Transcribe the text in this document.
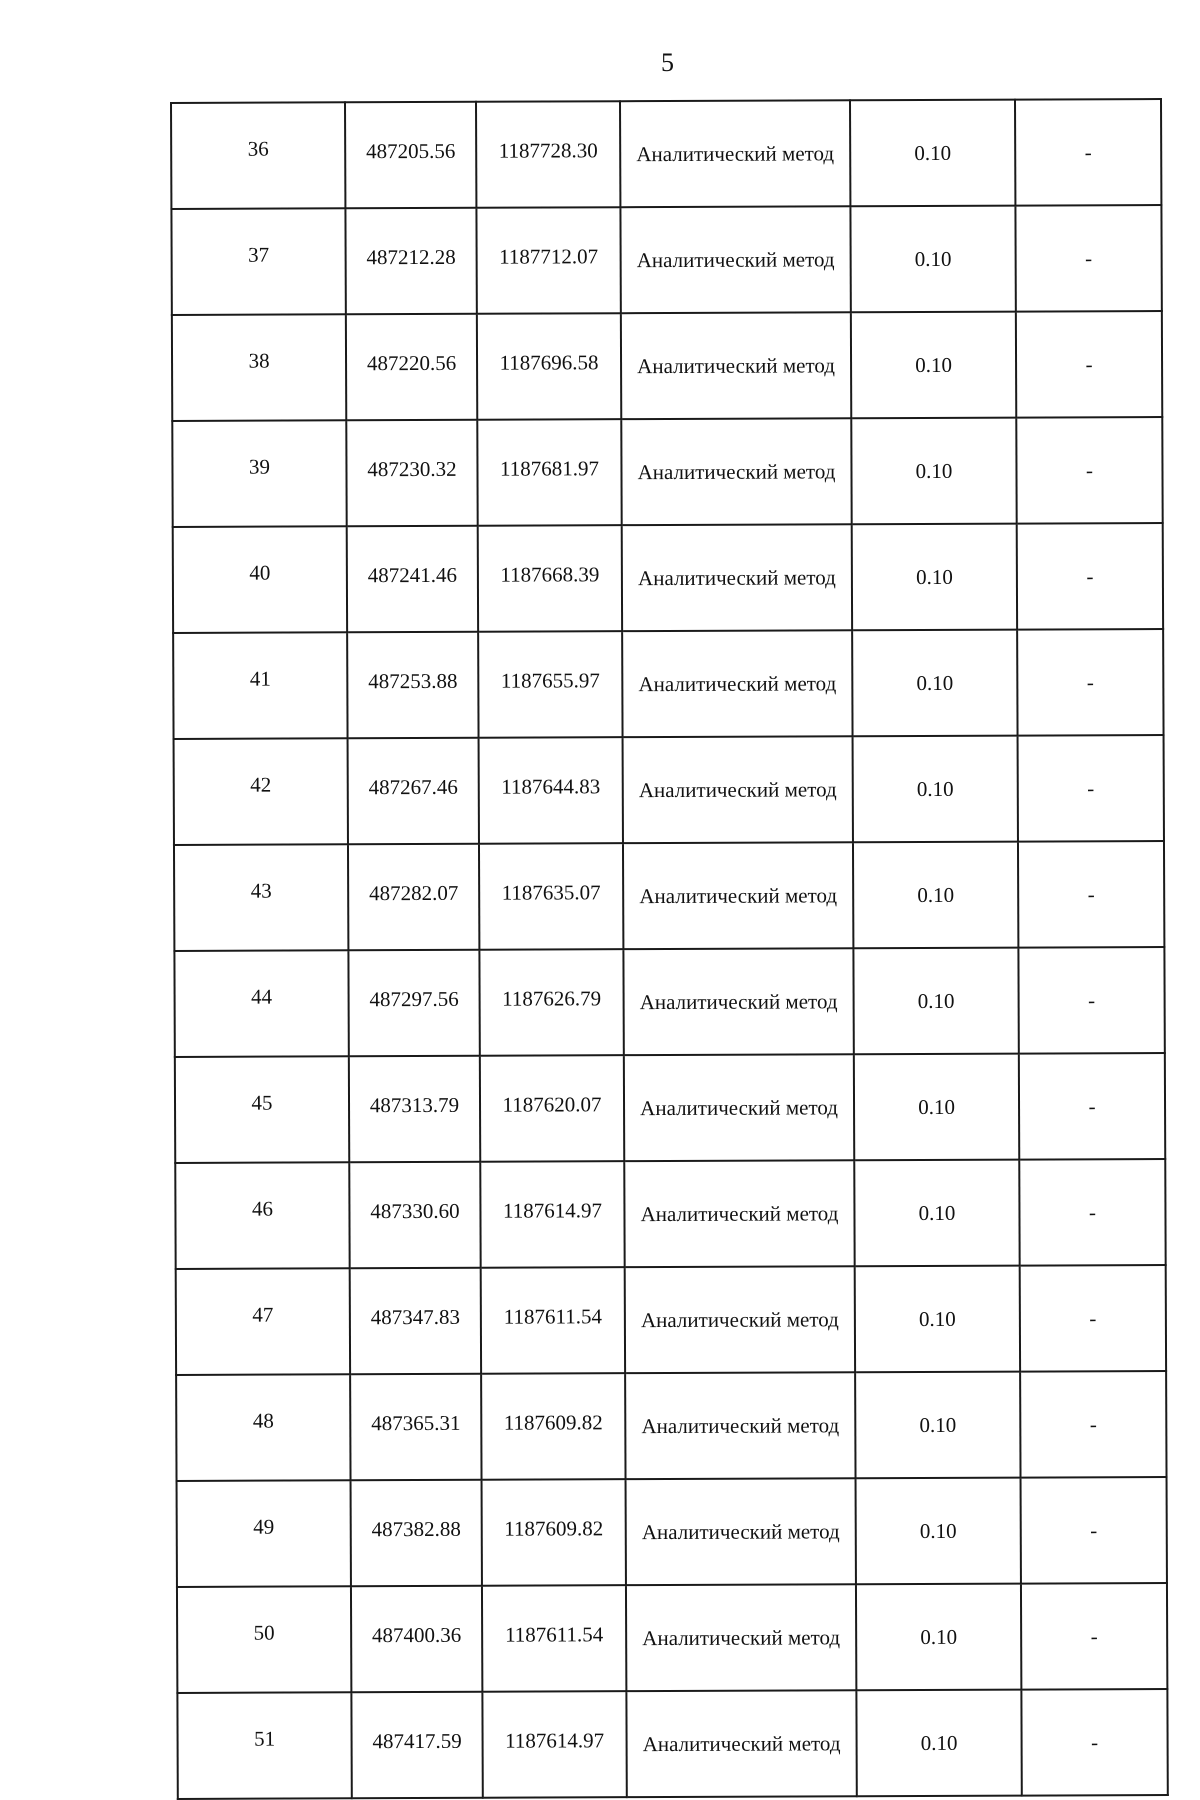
5
36	487205.56	1187728.30	Аналитический метод	0.10	-
37	487212.28	1187712.07	Аналитический метод	0.10	-
38	487220.56	1187696.58	Аналитический метод	0.10	-
39	487230.32	1187681.97	Аналитический метод	0.10	-
40	487241.46	1187668.39	Аналитический метод	0.10	-
41	487253.88	1187655.97	Аналитический метод	0.10	-
42	487267.46	1187644.83	Аналитический метод	0.10	-
43	487282.07	1187635.07	Аналитический метод	0.10	-
44	487297.56	1187626.79	Аналитический метод	0.10	-
45	487313.79	1187620.07	Аналитический метод	0.10	-
46	487330.60	1187614.97	Аналитический метод	0.10	-
47	487347.83	1187611.54	Аналитический метод	0.10	-
48	487365.31	1187609.82	Аналитический метод	0.10	-
49	487382.88	1187609.82	Аналитический метод	0.10	-
50	487400.36	1187611.54	Аналитический метод	0.10	-
51	487417.59	1187614.97	Аналитический метод	0.10	-
